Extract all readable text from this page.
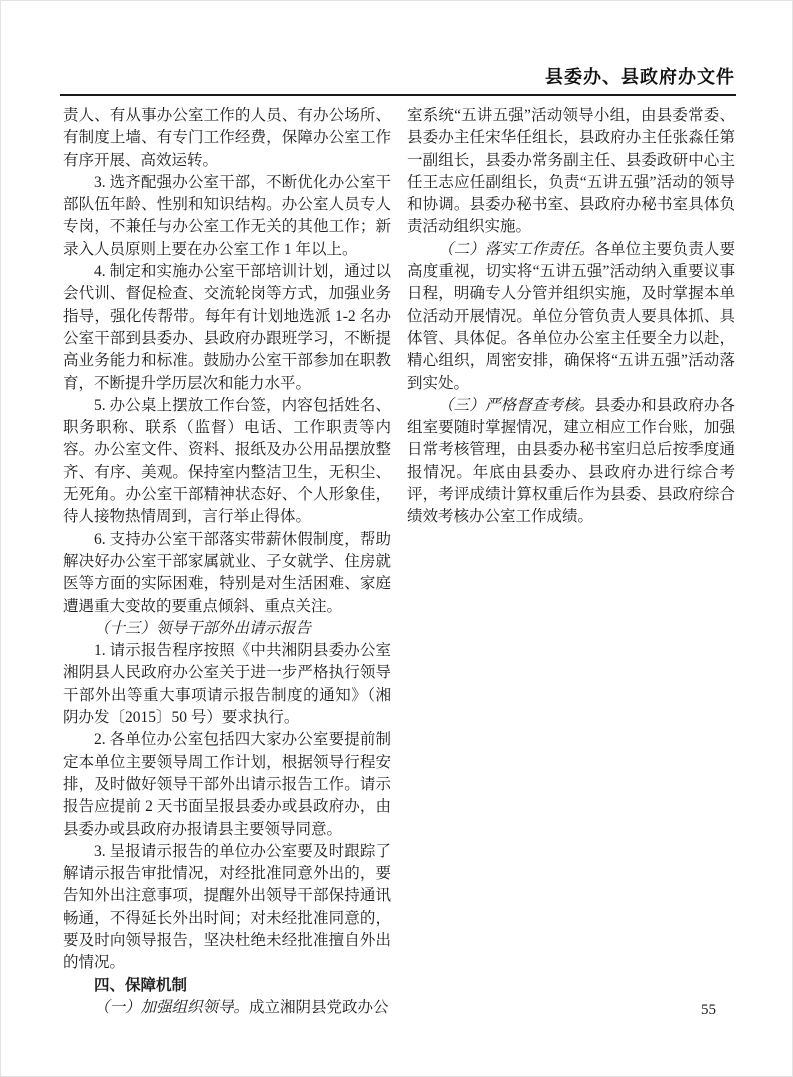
县委办、县政府办文件

责人、有从事办公室工作的人员、有办公场所、有制度上墙、有专门工作经费，保障办公室工作有序开展、高效运转。

3. 选齐配强办公室干部，不断优化办公室干部队伍年龄、性别和知识结构。办公室人员专人专岗，不兼任与办公室工作无关的其他工作；新录入人员原则上要在办公室工作 1 年以上。

4. 制定和实施办公室干部培训计划，通过以会代训、督促检查、交流轮岗等方式，加强业务指导，强化传帮带。每年有计划地选派 1-2 名办公室干部到县委办、县政府办跟班学习，不断提高业务能力和标准。鼓励办公室干部参加在职教育，不断提升学历层次和能力水平。

5. 办公桌上摆放工作台签，内容包括姓名、职务职称、联系（监督）电话、工作职责等内容。办公室文件、资料、报纸及办公用品摆放整齐、有序、美观。保持室内整洁卫生，无积尘、无死角。办公室干部精神状态好、个人形象佳，待人接物热情周到，言行举止得体。

6. 支持办公室干部落实带薪休假制度，帮助解决好办公室干部家属就业、子女就学、住房就医等方面的实际困难，特别是对生活困难、家庭遭遇重大变故的要重点倾斜、重点关注。

（十三）领导干部外出请示报告

1. 请示报告程序按照《中共湘阴县委办公室湘阴县人民政府办公室关于进一步严格执行领导干部外出等重大事项请示报告制度的通知》（湘阴办发〔2015〕50 号）要求执行。

2. 各单位办公室包括四大家办公室要提前制定本单位主要领导周工作计划，根据领导行程安排，及时做好领导干部外出请示报告工作。请示报告应提前 2 天书面呈报县委办或县政府办，由县委办或县政府办报请县主要领导同意。

3. 呈报请示报告的单位办公室要及时跟踪了解请示报告审批情况，对经批准同意外出的，要告知外出注意事项，提醒外出领导干部保持通讯畅通，不得延长外出时间；对未经批准同意的，要及时向领导报告，坚决杜绝未经批准擅自外出的情况。

四、保障机制

（一）加强组织领导。成立湘阴县党政办公

室系统“五讲五强”活动领导小组，由县委常委、县委办主任宋华任组长，县政府办主任张淼任第一副组长，县委办常务副主任、县委政研中心主任王志应任副组长，负责“五讲五强”活动的领导和协调。县委办秘书室、县政府办秘书室具体负责活动组织实施。

（二）落实工作责任。各单位主要负责人要高度重视，切实将“五讲五强”活动纳入重要议事日程，明确专人分管并组织实施，及时掌握本单位活动开展情况。单位分管负责人要具体抓、具体管、具体促。各单位办公室主任要全力以赴，精心组织，周密安排，确保将“五讲五强”活动落到实处。

（三）严格督查考核。县委办和县政府办各组室要随时掌握情况，建立相应工作台账，加强日常考核管理，由县委办秘书室归总后按季度通报情况。年底由县委办、县政府办进行综合考评，考评成绩计算权重后作为县委、县政府综合绩效考核办公室工作成绩。

55
